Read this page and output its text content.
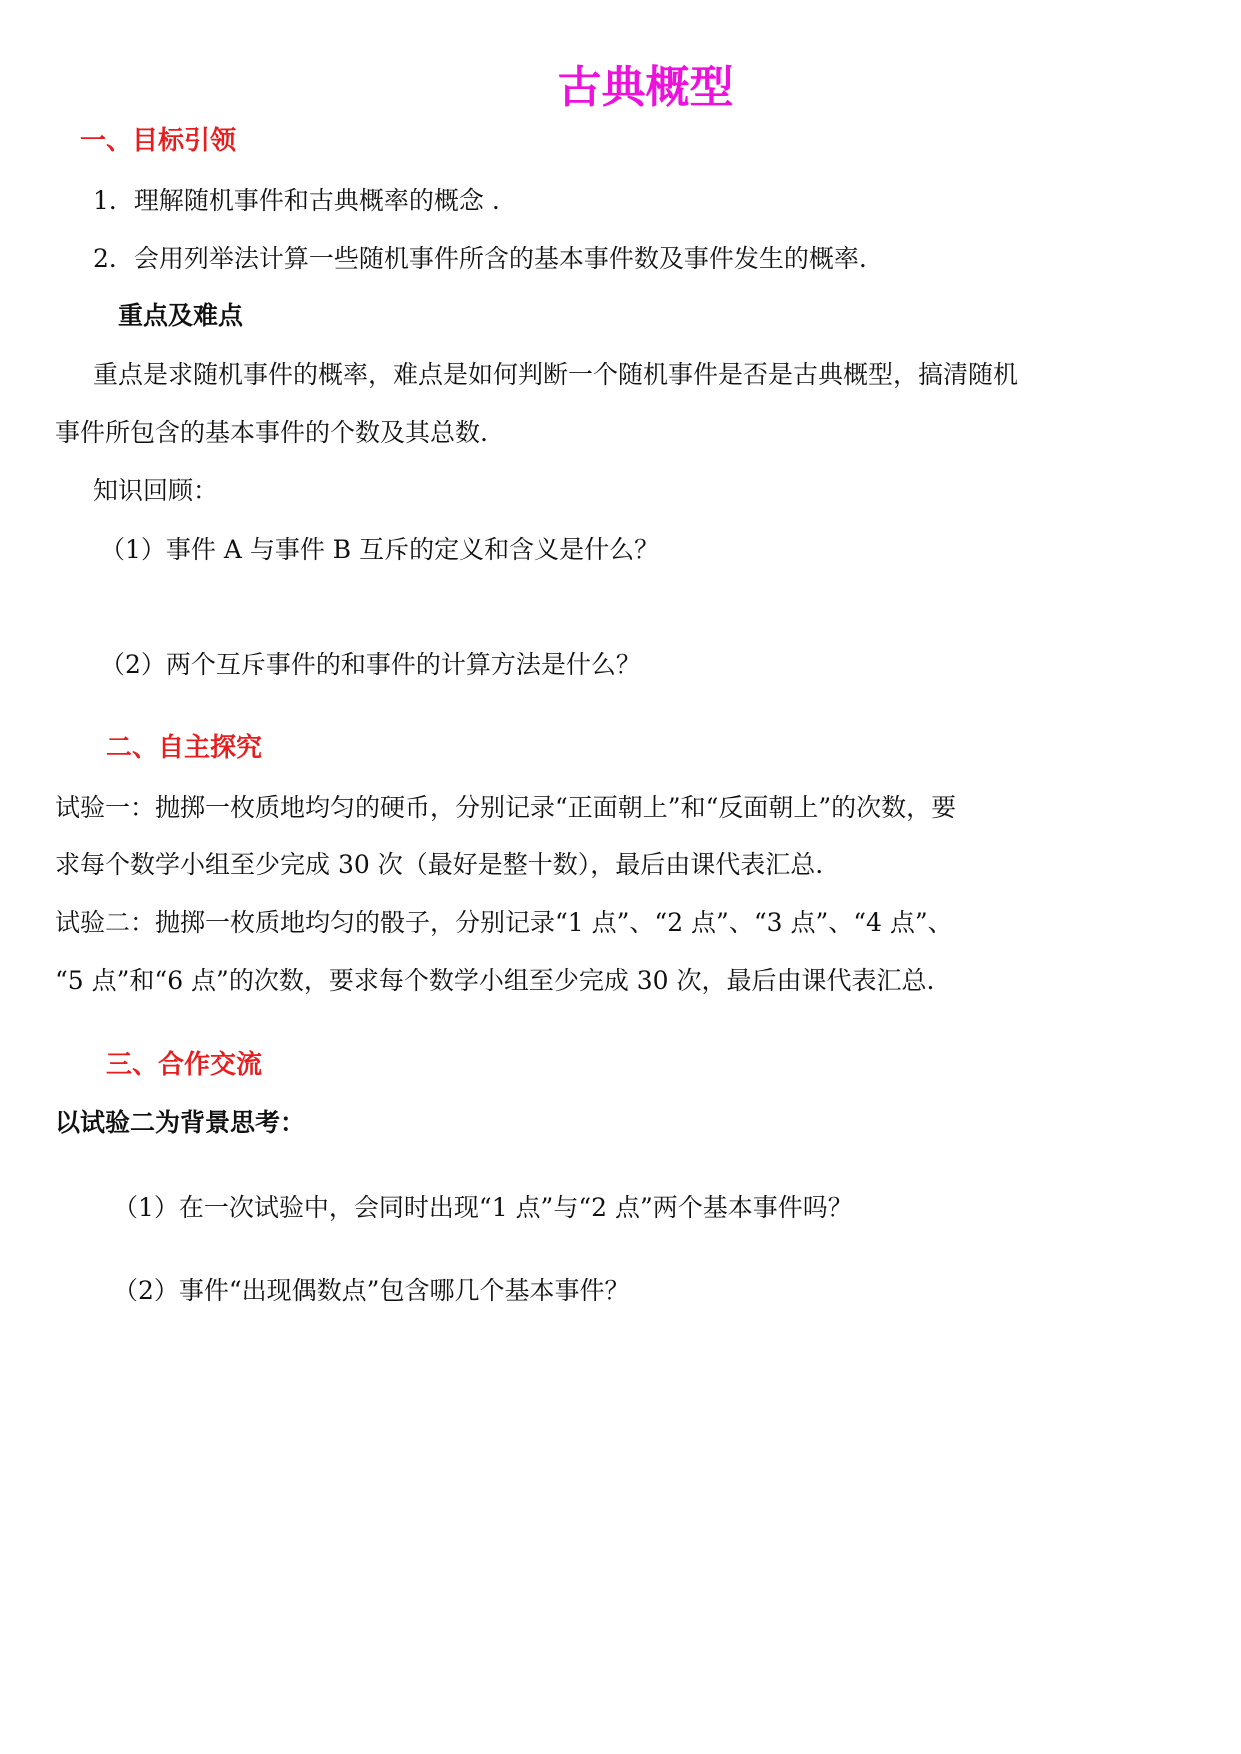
古典概型
一、目标引领
1．理解随机事件和古典概率的概念 .
2．会用列举法计算一些随机事件所含的基本事件数及事件发生的概率.
重点及难点
重点是求随机事件的概率，难点是如何判断一个随机事件是否是古典概型，搞清随机
事件所包含的基本事件的个数及其总数.
知识回顾：
（1）事件 A 与事件 B 互斥的定义和含义是什么？
（2）两个互斥事件的和事件的计算方法是什么？
二、自主探究
试验一：抛掷一枚质地均匀的硬币，分别记录“正面朝上”和“反面朝上”的次数，要
求每个数学小组至少完成 30 次（最好是整十数），最后由课代表汇总.
试验二：抛掷一枚质地均匀的骰子，分别记录“1 点”、“2 点”、“3 点”、“4 点”、
“5 点”和“6 点”的次数，要求每个数学小组至少完成 30 次，最后由课代表汇总.
三、合作交流
以试验二为背景思考：
（1）在一次试验中，会同时出现“1 点”与“2 点”两个基本事件吗？
（2）事件“出现偶数点”包含哪几个基本事件？
